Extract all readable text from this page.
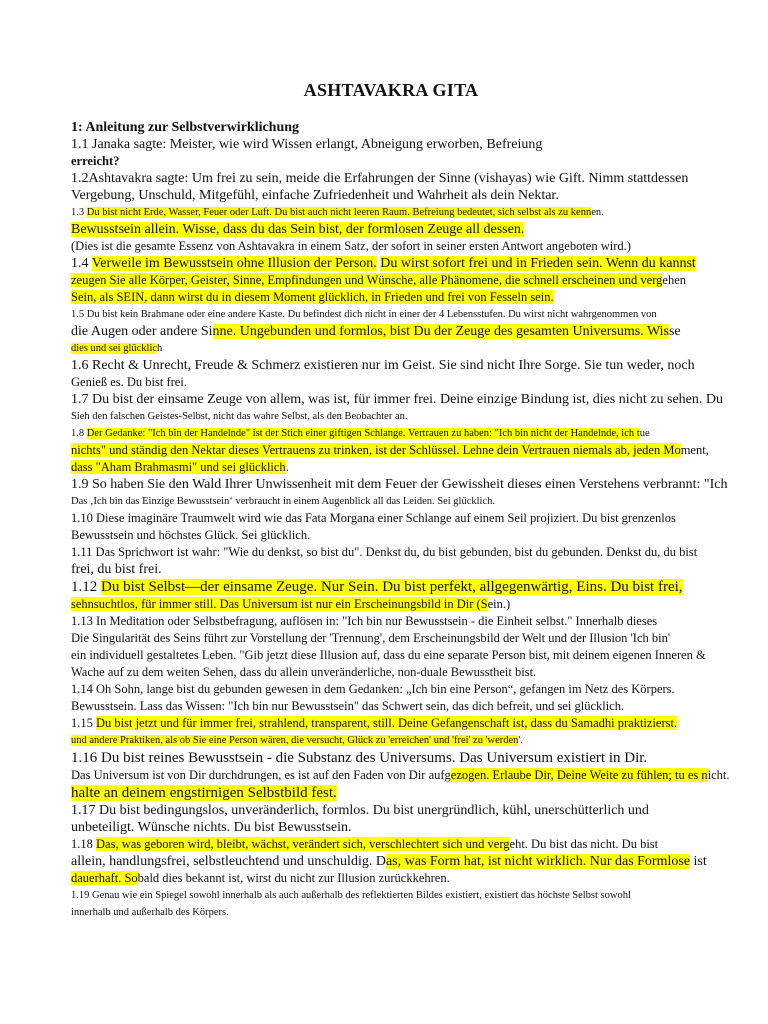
ASHTAVAKRA GITA
1: Anleitung zur Selbstverwirklichung
1.1 Janaka sagte: Meister, wie wird Wissen erlangt, Abneigung erworben, Befreiung
erreicht?
1.2Ashtavakra sagte: Um frei zu sein, meide die Erfahrungen der Sinne (vishayas) wie Gift. Nimm stattdessen
Vergebung, Unschuld, Mitgefühl, einfache Zufriedenheit und Wahrheit als dein Nektar.
1.3 Du bist nicht Erde, Wasser, Feuer oder Luft. Du bist auch nicht leeren Raum. Befreiung bedeutet, sich selbst als zu kennen.
Bewusstsein allein. Wisse, dass du das Sein bist, der formlosen Zeuge all dessen.
(Dies ist die gesamte Essenz von Ashtavakra in einem Satz, der sofort in seiner ersten Antwort angeboten wird.)
1.4 Verweile im Bewusstsein ohne Illusion der Person. Du wirst sofort frei und in Frieden sein. Wenn du kannst
zeugen Sie alle Körper, Geister, Sinne, Empfindungen und Wünsche, alle Phänomene, die schnell erscheinen und vergehen
Sein, als SEIN, dann wirst du in diesem Moment glücklich, in Frieden und frei von Fesseln sein.
1.5 Du bist kein Brahmane oder eine andere Kaste. Du befindest dich nicht in einer der 4 Lebensstufen. Du wirst nicht wahrgenommen von
die Augen oder andere Sinne. Ungebunden und formlos, bist Du der Zeuge des gesamten Universums. Wisse
dies und sei glücklich
1.6 Recht & Unrecht, Freude & Schmerz existieren nur im Geist. Sie sind nicht Ihre Sorge. Sie tun weder, noch
Genieß es. Du bist frei.
1.7 Du bist der einsame Zeuge von allem, was ist, für immer frei. Deine einzige Bindung ist, dies nicht zu sehen. Du
Sieh den falschen Geistes-Selbst, nicht das wahre Selbst, als den Beobachter an.
1.8 Der Gedanke: "Ich bin der Handelnde" ist der Stich einer giftigen Schlange. Vertrauen zu haben: "Ich bin nicht der Handelnde, ich tue
nichts" und ständig den Nektar dieses Vertrauens zu trinken, ist der Schlüssel. Lehne dein Vertrauen niemals ab, jeden Moment,
dass "Aham Brahmasmi" und sei glücklich.
1.9 So haben Sie den Wald Ihrer Unwissenheit mit dem Feuer der Gewissheit dieses einen Verstehens verbrannt: "Ich
Das ‚Ich bin das Einzige Bewusstsein‘ verbraucht in einem Augenblick all das Leiden. Sei glücklich.
1.10 Diese imaginäre Traumwelt wird wie das Fata Morgana einer Schlange auf einem Seil projiziert. Du bist grenzenlos
Bewusstsein und höchstes Glück. Sei glücklich.
1.11 Das Sprichwort ist wahr: "Wie du denkst, so bist du". Denkst du, du bist gebunden, bist du gebunden. Denkst du, du bist
frei, du bist frei.
1.12 Du bist Selbst—der einsame Zeuge. Nur Sein. Du bist perfekt, allgegenwärtig, Eins. Du bist frei,
sehnsuchtlos, für immer still. Das Universum ist nur ein Erscheinungsbild in Dir (Sein.)
1.13 In Meditation oder Selbstbefragung, auflösen in: "Ich bin nur Bewusstsein - die Einheit selbst." Innerhalb dieses
Die Singularität des Seins führt zur Vorstellung der 'Trennung', dem Erscheinungsbild der Welt und der Illusion 'Ich bin'
ein individuell gestaltetes Leben. "Gib jetzt diese Illusion auf, dass du eine separate Person bist, mit deinem eigenen Inneren &
Wache auf zu dem weiten Sehen, dass du allein unveränderliche, non-duale Bewusstheit bist.
1.14 Oh Sohn, lange bist du gebunden gewesen in dem Gedanken: „Ich bin eine Person“, gefangen im Netz des Körpers.
Bewusstsein. Lass das Wissen: "Ich bin nur Bewusstsein" das Schwert sein, das dich befreit, und sei glücklich.
1.15 Du bist jetzt und für immer frei, strahlend, transparent, still. Deine Gefangenschaft ist, dass du Samadhi praktizierst.
und andere Praktiken, als ob Sie eine Person wären, die versucht, Glück zu 'erreichen' und 'frei' zu 'werden'.
1.16 Du bist reines Bewusstsein - die Substanz des Universums. Das Universum existiert in Dir.
Das Universum ist von Dir durchdrungen, es ist auf den Faden von Dir aufgezogen. Erlaube Dir, Deine Weite zu fühlen; tu es nicht.
halte an deinem engstirnigen Selbstbild fest.
1.17 Du bist bedingungslos, unveränderlich, formlos. Du bist unergründlich, kühl, unerschütterlich und
unbeteiligt. Wünsche nichts. Du bist Bewusstsein.
1.18 Das, was geboren wird, bleibt, wächst, verändert sich, verschlechtert sich und vergeht. Du bist das nicht. Du bist
allein, handlungsfrei, selbstleuchtend und unschuldig. Das, was Form hat, ist nicht wirklich. Nur das Formlose ist
dauerhaft. Sobald dies bekannt ist, wirst du nicht zur Illusion zurückkehren.
1.19 Genau wie ein Spiegel sowohl innerhalb als auch außerhalb des reflektierten Bildes existiert, existiert das höchste Selbst sowohl
innerhalb und außerhalb des Körpers.
